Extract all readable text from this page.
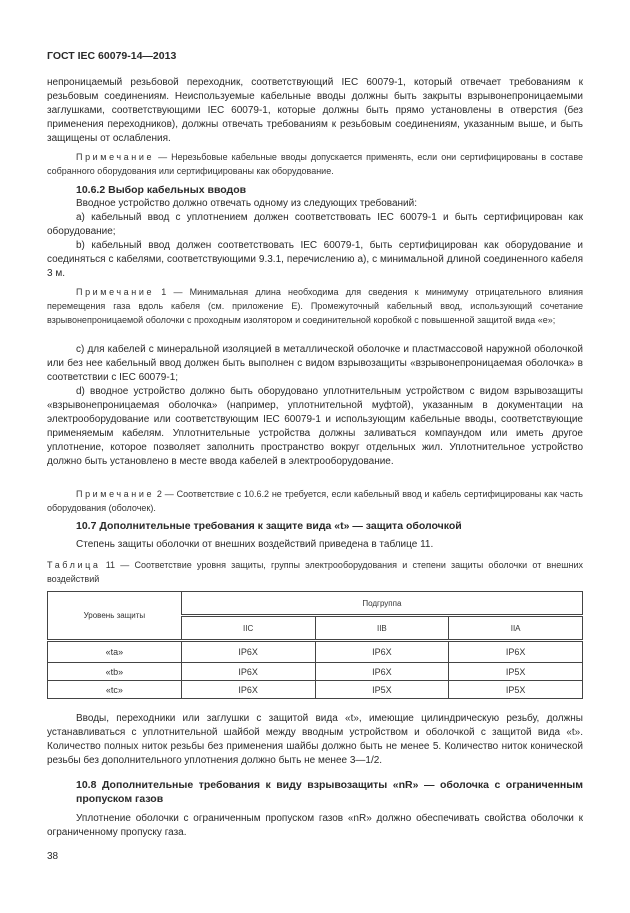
ГОСТ IEC 60079-14—2013
непроницаемый резьбовой переходник, соответствующий IEC 60079-1, который отвечает требованиям к резьбовым соединениям. Неиспользуемые кабельные вводы должны быть закрыты взрывонепроницаемыми заглушками, соответствующими IEC 60079-1, которые должны быть прямо установлены в отверстия (без применения переходников), должны отвечать требованиям к резьбовым соединениям, указанным выше, и быть защищены от ослабления.
Примечание — Нерезьбовые кабельные вводы допускается применять, если они сертифицированы в составе собранного оборудования или сертифицированы как оборудование.
10.6.2 Выбор кабельных вводов
Вводное устройство должно отвечать одному из следующих требований:
a) кабельный ввод с уплотнением должен соответствовать IEC 60079-1 и быть сертифицирован как оборудование;
b) кабельный ввод должен соответствовать IEC 60079-1, быть сертифицирован как оборудование и соединяться с кабелями, соответствующими 9.3.1, перечислению а), с минимальной длиной соединенного кабеля 3 м.
Примечание 1 — Минимальная длина необходима для сведения к минимуму отрицательного влияния перемещения газа вдоль кабеля (см. приложение Е). Промежуточный кабельный ввод, использующий сочетание взрывонепроницаемой оболочки с проходным изолятором и соединительной коробкой с повышенной защитой вида «е»;
c) для кабелей с минеральной изоляцией в металлической оболочке и пластмассовой наружной оболочкой или без нее кабельный ввод должен быть выполнен с видом взрывозащиты «взрывонепроницаемая оболочка» в соответствии с IEC 60079-1;
d) вводное устройство должно быть оборудовано уплотнительным устройством с видом взрывозащиты «взрывонепроницаемая оболочка» (например, уплотнительной муфтой), указанным в документации на электрооборудование или соответствующим IEC 60079-1 и использующим кабельные вводы, соответствующие применяемым кабелям. Уплотнительные устройства должны заливаться компаундом или иметь другое уплотнение, которое позволяет заполнить пространство вокруг отдельных жил. Уплотнительное устройство должно быть установлено в месте ввода кабелей в электрооборудование.
Примечание 2 — Соответствие с 10.6.2 не требуется, если кабельный ввод и кабель сертифицированы как часть оборудования (оболочек).
10.7 Дополнительные требования к защите вида «t» — защита оболочкой
Степень защиты оболочки от внешних воздействий приведена в таблице 11.
Таблица 11 — Соответствие уровня защиты, группы электрооборудования и степени защиты оболочки от внешних воздействий
Уровень защиты	Подгруппа		
	IIC	IIB	IIA
«ta»	IP6X	IP6X	IP6X
«tb»	IP6X	IP6X	IP5X
«tc»	IP6X	IP5X	IP5X
Вводы, переходники или заглушки с защитой вида «t», имеющие цилиндрическую резьбу, должны устанавливаться с уплотнительной шайбой между вводным устройством и оболочкой с защитой вида «t». Количество полных ниток резьбы без применения шайбы должно быть не менее 5. Количество ниток конической резьбы без дополнительного уплотнения должно быть не менее 3—1/2.
10.8 Дополнительные требования к виду взрывозащиты «nR» — оболочка с ограниченным пропуском газов
Уплотнение оболочки с ограниченным пропуском газов «nR» должно обеспечивать свойства оболочки к ограниченному пропуску газа.
38
